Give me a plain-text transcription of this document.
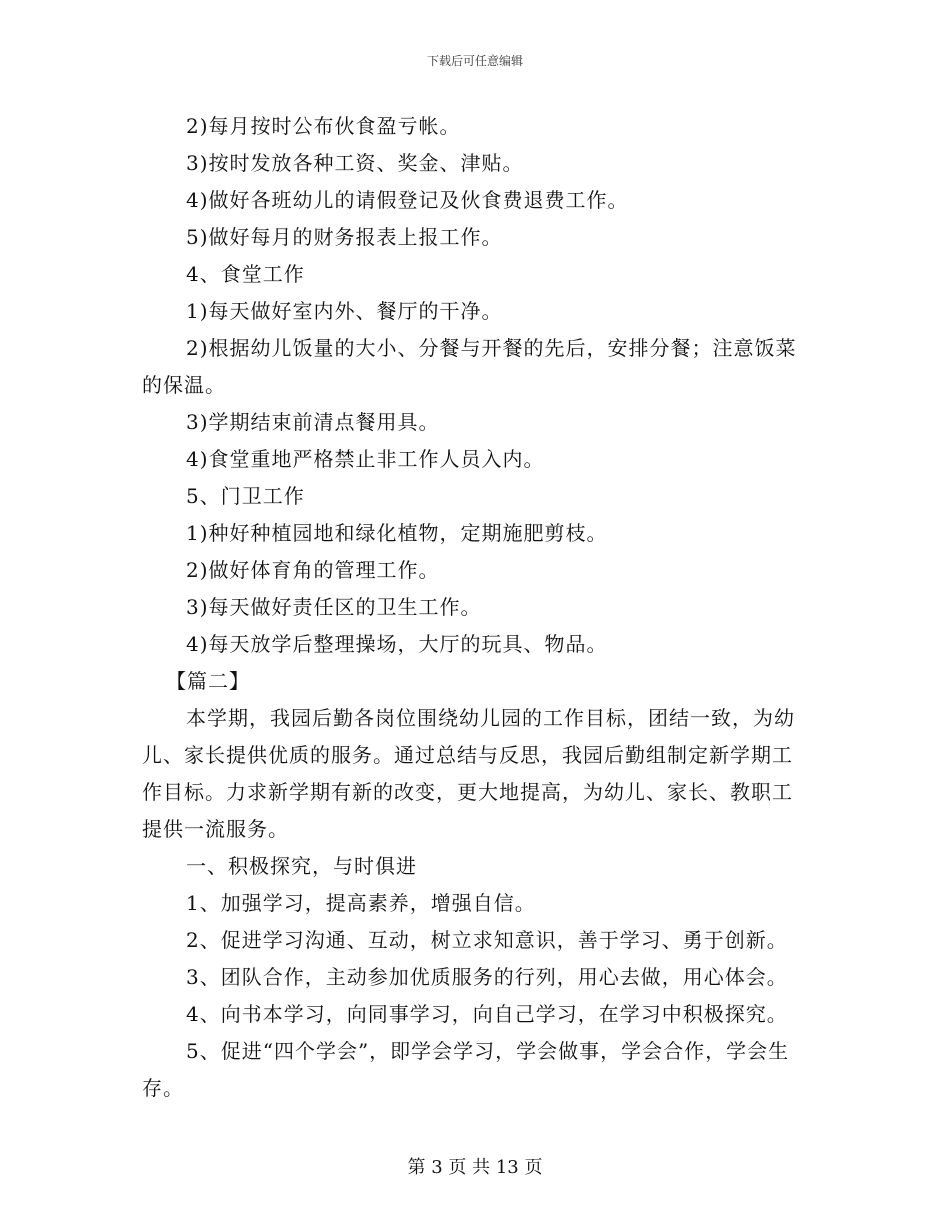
下载后可任意编辑

2)每月按时公布伙食盈亏帐。

3)按时发放各种工资、奖金、津贴。

4)做好各班幼儿的请假登记及伙食费退费工作。

5)做好每月的财务报表上报工作。

4、食堂工作

1)每天做好室内外、餐厅的干净。

2)根据幼儿饭量的大小、分餐与开餐的先后，安排分餐；注意饭菜的保温。

3)学期结束前清点餐用具。

4)食堂重地严格禁止非工作人员入内。

5、门卫工作

1)种好种植园地和绿化植物，定期施肥剪枝。

2)做好体育角的管理工作。

3)每天做好责任区的卫生工作。

4)每天放学后整理操场，大厅的玩具、物品。

【篇二】

本学期，我园后勤各岗位围绕幼儿园的工作目标，团结一致，为幼儿、家长提供优质的服务。通过总结与反思，我园后勤组制定新学期工作目标。力求新学期有新的改变，更大地提高，为幼儿、家长、教职工提供一流服务。

一、积极探究，与时俱进

1、加强学习，提高素养，增强自信。

2、促进学习沟通、互动，树立求知意识，善于学习、勇于创新。

3、团队合作，主动参加优质服务的行列，用心去做，用心体会。

4、向书本学习，向同事学习，向自己学习，在学习中积极探究。

5、促进“四个学会”，即学会学习，学会做事，学会合作，学会生存。

第 3 页 共 13 页
